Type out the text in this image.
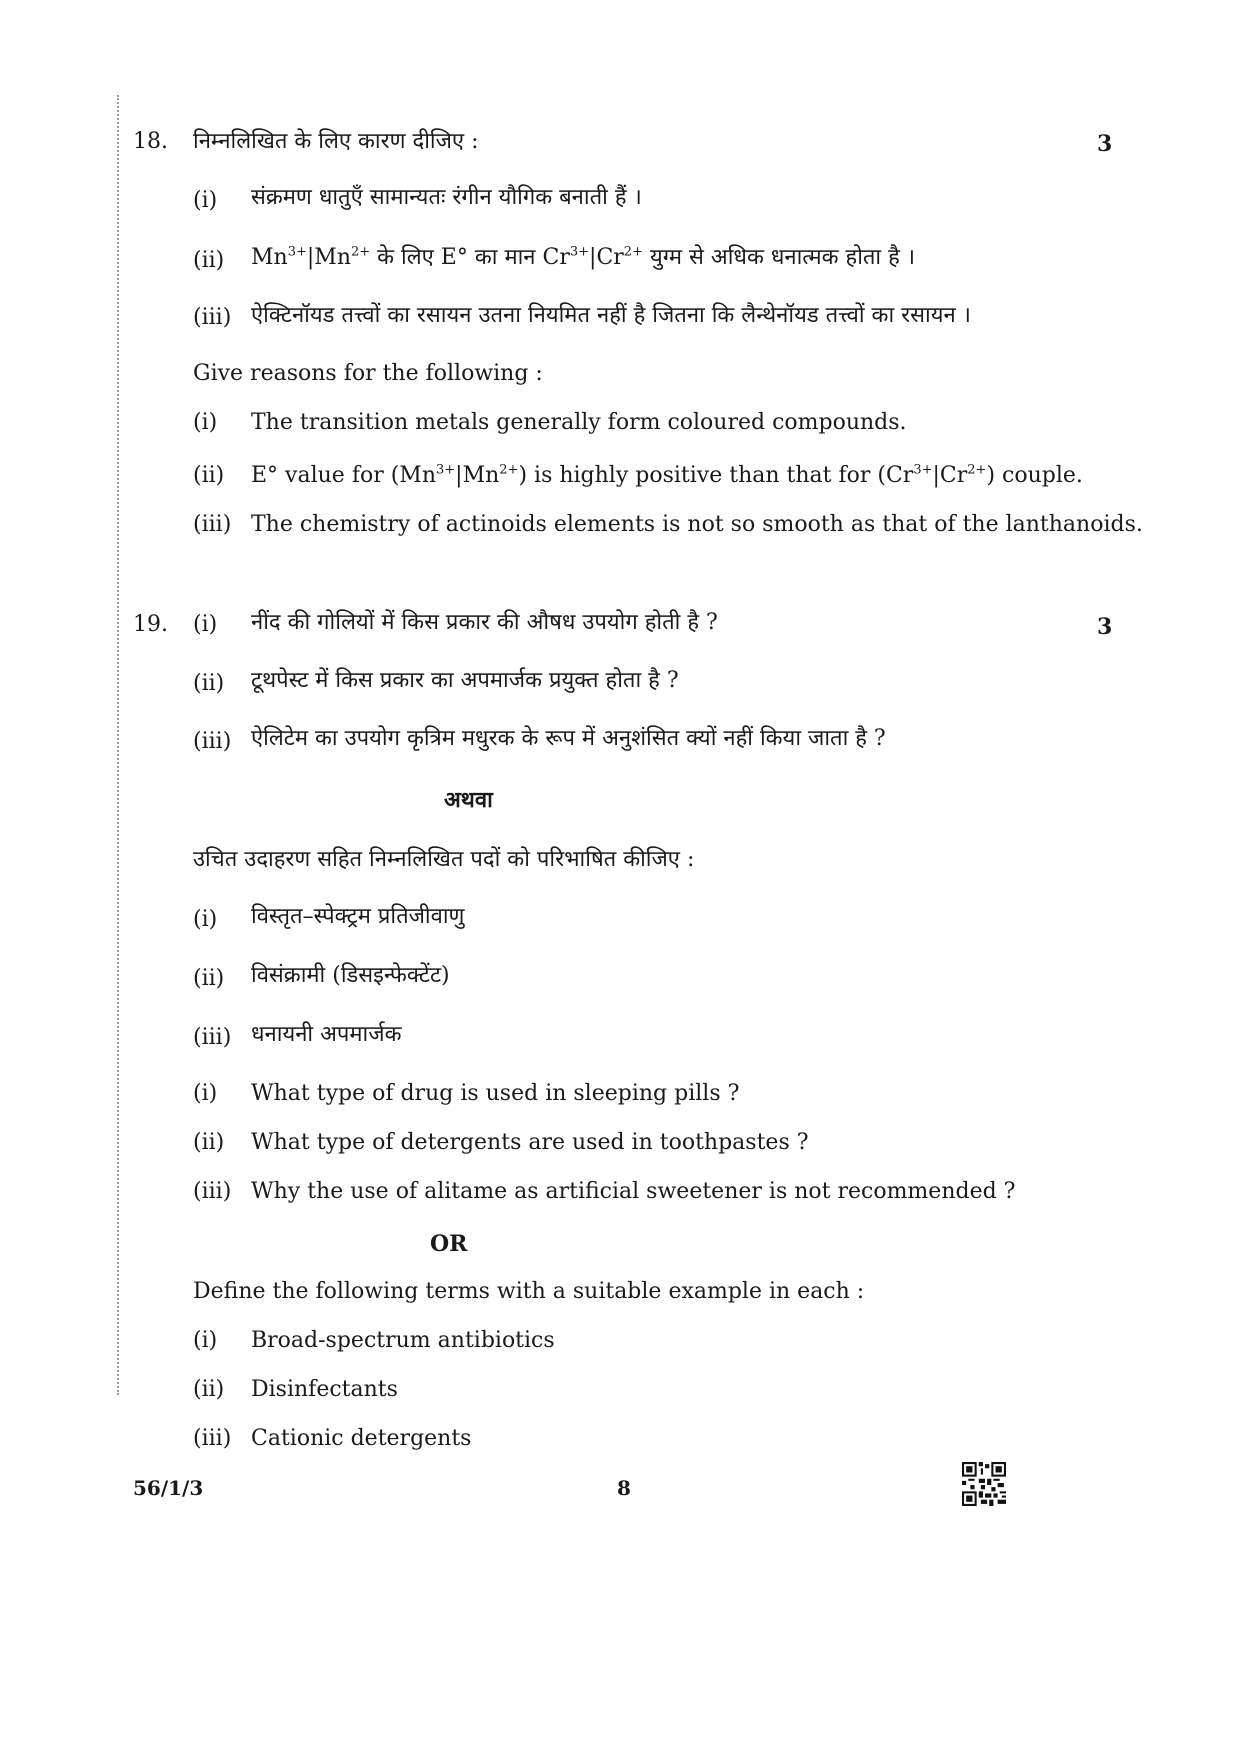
18. निम्नलिखित के लिए कारण दीजिए :	3
(i) संक्रमण धातुएँ सामान्यतः रंगीन यौगिक बनाती हैं ।
(ii) $Mn^{3+}|Mn^{2+}$ के लिए E° का मान $Cr^{3+}|Cr^{2+}$ युग्म से अधिक धनात्मक होता है ।
(iii) ऐक्टिनॉयड तत्त्वों का रसायन उतना नियमित नहीं है जितना कि लैन्थेनॉयड तत्त्वों का रसायन ।
Give reasons for the following :
(i) The transition metals generally form coloured compounds.
(ii) E° value for $(Mn^{3+}|Mn^{2+})$ is highly positive than that for $(Cr^{3+}|Cr^{2+})$ couple.
(iii) The chemistry of actinoids elements is not so smooth as that of the lanthanoids.
19. (i) नींद की गोलियों में किस प्रकार की औषध उपयोग होती है ?	3
(ii) टूथपेस्ट में किस प्रकार का अपमार्जक प्रयुक्त होता है ?
(iii) ऐलिटेम का उपयोग कृत्रिम मधुरक के रूप में अनुशंसित क्यों नहीं किया जाता है ?
अथवा
उचित उदाहरण सहित निम्नलिखित पदों को परिभाषित कीजिए :
(i) विस्तृत–स्पेक्ट्रम प्रतिजीवाणु
(ii) विसंक्रामी (डिसइन्फेक्टेंट)
(iii) धनायनी अपमार्जक
(i) What type of drug is used in sleeping pills ?
(ii) What type of detergents are used in toothpastes ?
(iii) Why the use of alitame as artificial sweetener is not recommended ?
OR
Define the following terms with a suitable example in each :
(i) Broad-spectrum antibiotics
(ii) Disinfectants
(iii) Cationic detergents
56/1/3	8
